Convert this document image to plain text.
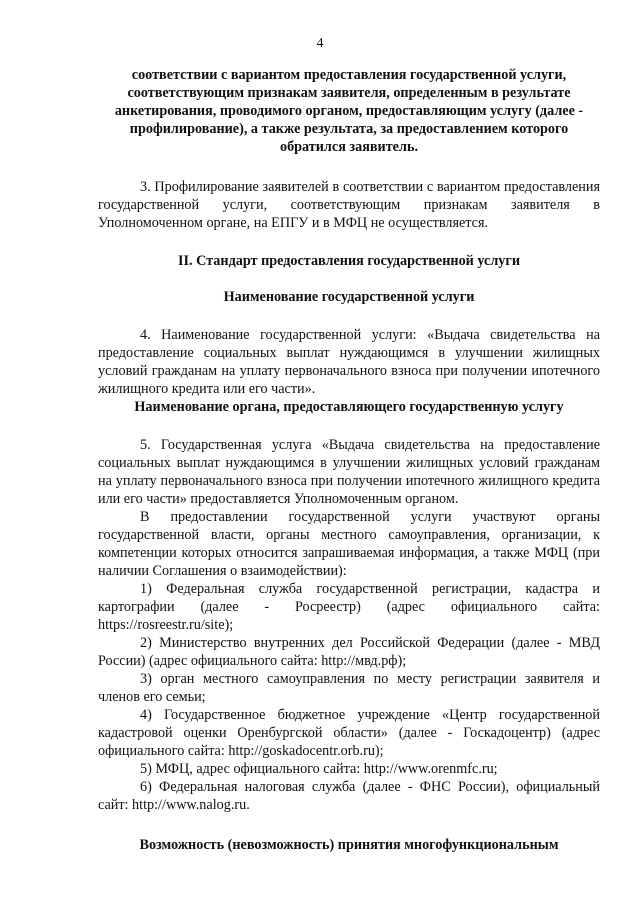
4

соответствии с вариантом предоставления государственной услуги, соответствующим признакам заявителя, определенным в результате анкетирования, проводимого органом, предоставляющим услугу (далее - профилирование), а также результата, за предоставлением которого обратился заявитель.

3. Профилирование заявителей в соответствии с вариантом предоставления государственной услуги, соответствующим признакам заявителя в Уполномоченном органе, на ЕПГУ и в МФЦ не осуществляется.

II. Стандарт предоставления государственной услуги

Наименование государственной услуги

4. Наименование государственной услуги: «Выдача свидетельства на предоставление социальных выплат нуждающимся в улучшении жилищных условий гражданам на уплату первоначального взноса при получении ипотечного жилищного кредита или его части».

Наименование органа, предоставляющего государственную услугу

5. Государственная услуга «Выдача свидетельства на предоставление социальных выплат нуждающимся в улучшении жилищных условий гражданам на уплату первоначального взноса при получении ипотечного жилищного кредита или его части» предоставляется Уполномоченным органом.

В предоставлении государственной услуги участвуют органы государственной власти, органы местного самоуправления, организации, к компетенции которых относится запрашиваемая информация, а также МФЦ (при наличии Соглашения о взаимодействии):

1) Федеральная служба государственной регистрации, кадастра и картографии (далее - Росреестр) (адрес официального сайта: https://rosreestr.ru/site);

2) Министерство внутренних дел Российской Федерации (далее - МВД России) (адрес официального сайта: http://мвд.рф);

3) орган местного самоуправления по месту регистрации заявителя и членов его семьи;

4) Государственное бюджетное учреждение «Центр государственной кадастровой оценки Оренбургской области» (далее - Госкадоцентр) (адрес официального сайта: http://goskadocentr.orb.ru);

5) МФЦ, адрес официального сайта: http://www.orenmfc.ru;

6) Федеральная налоговая служба (далее - ФНС России), официальный сайт: http://www.nalog.ru.

Возможность (невозможность) принятия многофункциональным
